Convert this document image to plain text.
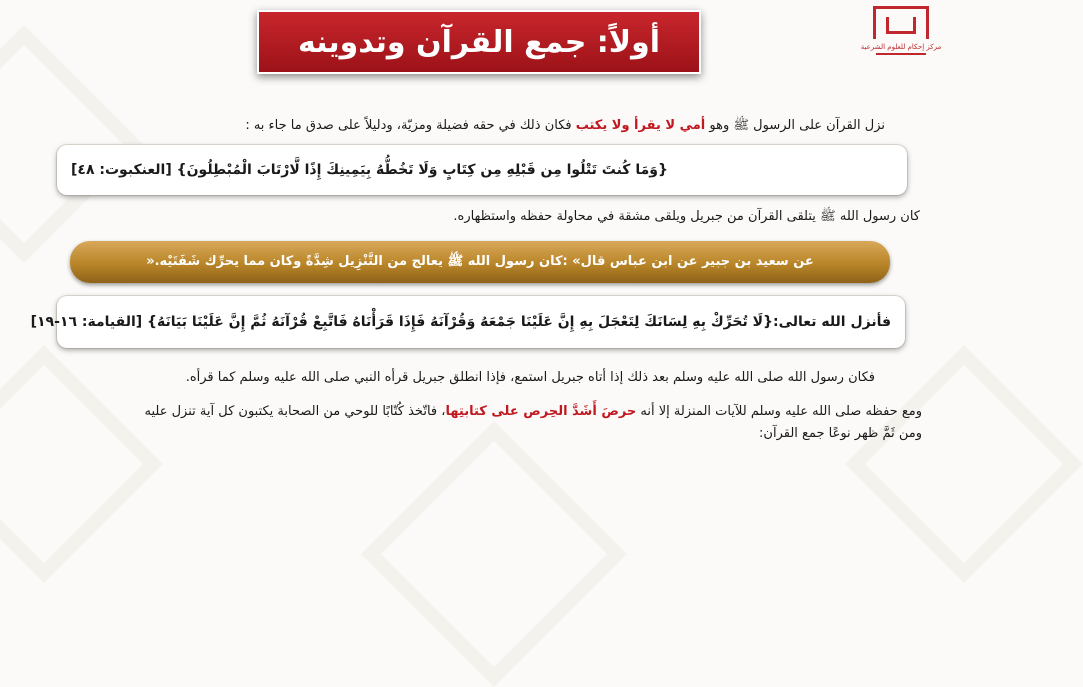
أولاً: جمع القرآن وتدوينه	مركز إحكام للعلوم الشرعية
نزل القرآن على الرسول ﷺ وهو أمي لا يقرأ ولا يكتب فكان ذلك في حقه فضيلة ومزيّة، ودليلاً على صدق ما جاء به :
{وَمَا كُنتَ تَتْلُوا مِن قَبْلِهِ مِن كِتَابٍ وَلَا تَخُطُّهُ بِيَمِينِكَ إِذًا لَّارْتَابَ الْمُبْطِلُونَ} [العنكبوت: ٤٨]
كان رسول الله ﷺ يتلقى القرآن من جبريل ويلقى مشقة في محاولة حفظه واستظهاره.
عن سعيد بن جبير عن ابن عباس قال» :كان رسول الله ﷺ يعالج من التَّنْزِيل شِدَّةً وكان مما يحرِّك شَفَتَيْه.«
فأنزل الله تعالى:
{لَا تُحَرِّكْ بِهِ لِسَانَكَ لِتَعْجَلَ بِهِ إِنَّ عَلَيْنَا جَمْعَهُ وَقُرْآنَهُ فَإِذَا قَرَأْنَاهُ فَاتَّبِعْ قُرْآنَهُ ثُمَّ إِنَّ عَلَيْنَا بَيَانَهُ} [القيامة: ١٦-١٩]
فكان رسول الله صلى الله عليه وسلم بعد ذلك إذا أتاه جبريل استمع، فإذا انطلق جبريل قرأه النبي صلى الله عليه وسلم كما قرأه.
ومع حفظه صلى الله عليه وسلم للآيات المنزلة إلا أنه حرصَ أَشَدَّ الحِرص على كتابتِها، فاتّخذ كُتّابًا للوحي من الصحابة يكتبون كل آية تنزل عليه
ومن ثَمَّ ظهر نوعًا جمع القرآن:
